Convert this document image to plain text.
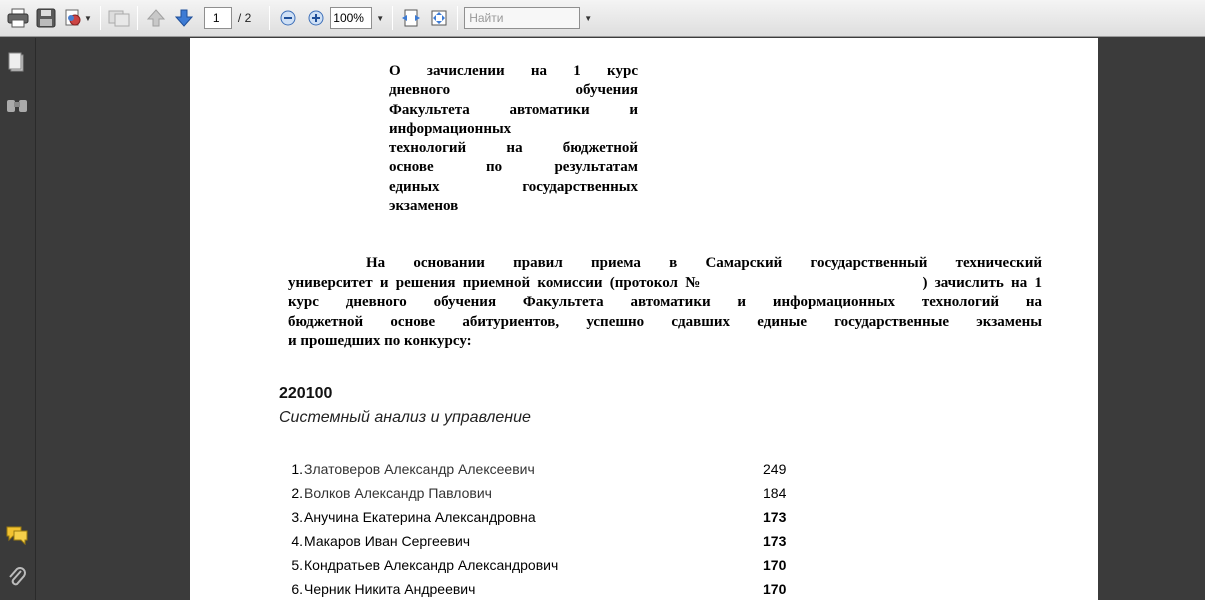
▼	1	/ 2	100%	▼	Найти	▼
О зачислении на 1 курс
дневного обучения
Факультета автоматики и
информационных
технологий на бюджетной
основе по результатам
единых государственных
экзаменов
На основании правил приема в Самарский государственный технический
университет и решения приемной комиссии (протокол №                              ) зачислить на 1
курс дневного обучения Факультета автоматики и информационных технологий на
бюджетной основе абитуриентов, успешно сдавших единые государственные экзамены
и прошедших по конкурсу:
220100
Системный анализ и управление
1. Златоверов Александр Алексеевич	249
2. Волков Александр Павлович	184
3. Анучина Екатерина Александровна	173
4. Макаров Иван Сергеевич	173
5. Кондратьев Александр Александрович	170
6. Черник Никита Андреевич	170
